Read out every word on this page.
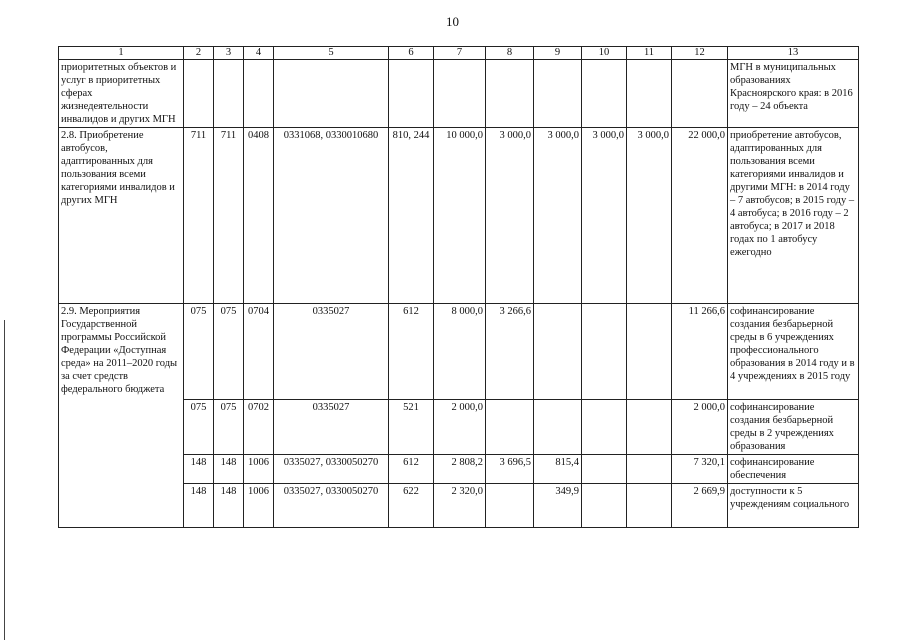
10
1	2	3	4	5	6	7	8	9	10	11	12	13
приоритетных объектов и услуг в приоритетных сферах жизнедеятельности инвалидов и других МГН												МГН в муниципальных образованиях Красноярского края: в 2016 году – 24 объекта
2.8. Приобретение автобусов, адаптированных для пользования всеми категориями инвалидов и других МГН	711	711	0408	0331068, 0330010680	810, 244	10 000,0	3 000,0	3 000,0	3 000,0	3 000,0	22 000,0	приобретение автобусов, адаптированных для пользования всеми категориями инвалидов и другими МГН: в 2014 году – 7 автобусов; в 2015 году – 4 автобуса; в 2016 году – 2 автобуса; в 2017 и 2018 годах по 1 автобусу ежегодно
2.9. Мероприятия Государственной программы Российской Федерации «Доступная среда» на 2011–2020 годы за счет средств федерального бюджета	075	075	0704	0335027	612	8 000,0	3 266,6				11 266,6	софинансирование создания безбарьерной среды в 6 учреждениях профессионального образования в 2014 году и в 4 учреждениях в 2015 году
	075	075	0702	0335027	521	2 000,0					2 000,0	софинансирование создания безбарьерной среды в 2 учреждениях образования
	148	148	1006	0335027, 0330050270	612	2 808,2	3 696,5	815,4			7 320,1	софинансирование обеспечения
	148	148	1006	0335027, 0330050270	622	2 320,0		349,9			2 669,9	доступности к 5 учреждениям социального
